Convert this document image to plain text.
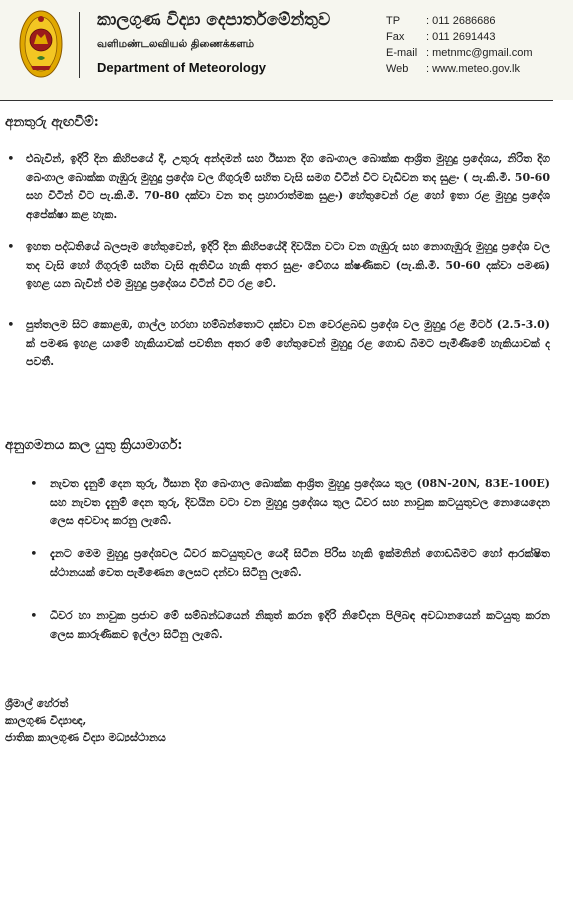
කාලගුණ විද්‍යා දෙපාර්තමේන්තුව
வளிமண்டலவியல் திணைக்களம்
Department of Meteorology
TP	: 011 2686686
Fax	: 011 2691443
E-mail : metnmc@gmail.com
Web	: www.meteo.gov.lk
අනතුරු ඇඟවීම්:
• එබැවින්, ඉදිරි දින කිහිපයේ දී, උතුරු අන්දමන් සහ ඊසාන දිග බෙංගාල බොක්ක ආශ්‍රිත මුහුදු ප්‍රදේශය, නිරිත දිග බෙංගාල බොක්ක ගැඹුරු මුහුදු ප්‍රදේශ වල ගිගුරුම් සහිත වැසි සමග විටින් විට වැඩිවන තද සුළං ( පැ.කි.මී. 50-60 සහ විටින් විට පැ.කි.මී. 70-80 දක්වා වන තද ප්‍රහාරාත්මක සුළං) හේතුවෙන් රළ හෝ ඉතා රළ මුහුදු ප්‍රදේශ අපේක්ෂා කළ හැක.
• ඉහත පද්ධතියේ බලපෑම හේතුවෙන්, ඉදිරි දින කිහිපයේදී දිවයින වටා වන ගැඹුරු සහ නොගැඹුරු මුහුදු ප්‍රදේශ වල තද වැසි හෝ ගිගුරුම් සහිත වැසි ඇතිවිය හැකි අතර සුළං වේගය ක්ෂණිකව (පැ.කි.මී. 50-60 දක්වා පමණ) ඉහළ යන බැවින් එම මුහුදු ප්‍රදේශය විටින් විට රළ වේ.
• පුත්තලම සිට කොළඹ, ගාල්ල හරහා හම්බන්තොට දක්වා වන වෙරළබඩ ප්‍රදේශ වල මුහුදු රළ මීටර් (2.5-3.0) ක් පමණ ඉහළ යාමේ හැකියාවක් පවතින අතර මේ හේතුවෙන් මුහුදු රළ ගොඩ බිමට පැමිණීමේ හැකියාවක් ද පවතී.
අනුගමනය කල යුතු ක්‍රියාමාර්ග:
• නැවත දැනුම් දෙන තුරු, ඊසාන දිග බෙංගාල බොක්ක ආශ්‍රිත මුහුදු ප්‍රදේශය තුල (08N-20N, 83E-100E) සහ නැවත දැනුම් දෙන තුරු, දිවයින වටා වන මුහුදු ප්‍රදේශය තුල ධීවර සහ නාවුක කටයුතුවල නොයෙදෙන ලෙස අවවාද කරනු ලැබේ.
• දැනට මෙම මුහුදු ප්‍රදේශවල ධීවර කටයුතුවල යෙදී සිටින පිරිස හැකි ඉක්මනින් ගොඩබිමට හෝ ආරක්ෂිත ස්ථානයක් වෙත පැමිණෙන ලෙසට දන්වා සිටිනු ලැබේ.
• ධීවර හා නාවුක ප්‍රජාව මේ සම්බන්ධයෙන් නිකුත් කරන ඉදිරි නිවේදන පිලිබඳ අවධානයෙන් කටයුතු කරන ලෙස කාරුණිකව ඉල්ලා සිටිනු ලැබේ.
ශ්‍රීමාල් හේරත්
කාලගුණ විද්‍යාඥ,
ජාතික කාලගුණ විද්‍යා මධ්‍යස්ථානය
